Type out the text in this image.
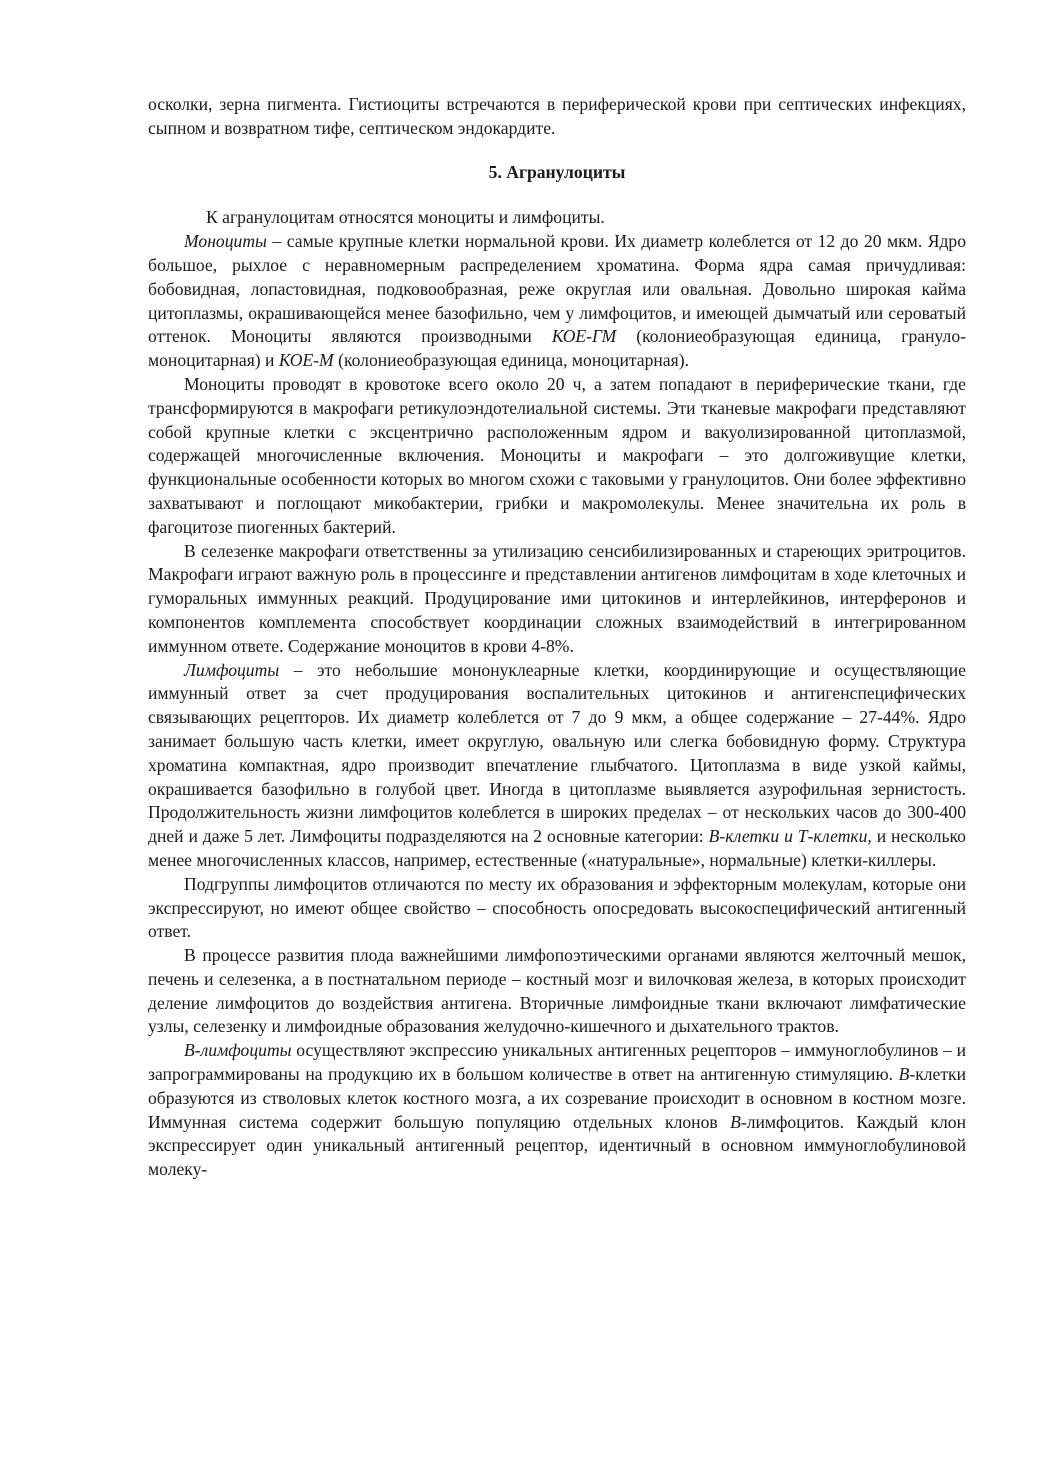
осколки, зерна пигмента. Гистиоциты встречаются в периферической крови при септических инфекциях, сыпном и возвратном тифе, септическом эндокардите.

5. Агранулоциты

К агранулоцитам относятся моноциты и лимфоциты.

Моноциты – самые крупные клетки нормальной крови. Их диаметр колеблется от 12 до 20 мкм. Ядро большое, рыхлое с неравномерным распределением хроматина. Форма ядра самая причудливая: бобовидная, лопастовидная, подковообразная, реже округлая или овальная. Довольно широкая кайма цитоплазмы, окрашивающейся менее базофильно, чем у лимфоцитов, и имеющей дымчатый или сероватый оттенок. Моноциты являются производными КОЕ-ГМ (колониеобразующая единица, грануло-моноцитарная) и КОЕ-М (колониеобразующая единица, моноцитарная).

Моноциты проводят в кровотоке всего около 20 ч, а затем попадают в периферические ткани, где трансформируются в макрофаги ретикулоэндотелиальной системы. Эти тканевые макрофаги представляют собой крупные клетки с эксцентрично расположенным ядром и вакуолизированной цитоплазмой, содержащей многочисленные включения. Моноциты и макрофаги – это долгоживущие клетки, функциональные особенности которых во многом схожи с таковыми у гранулоцитов. Они более эффективно захватывают и поглощают микобактерии, грибки и макромолекулы. Менее значительна их роль в фагоцитозе пиогенных бактерий.

В селезенке макрофаги ответственны за утилизацию сенсибилизированных и стареющих эритроцитов. Макрофаги играют важную роль в процессинге и представлении антигенов лимфоцитам в ходе клеточных и гуморальных иммунных реакций. Продуцирование ими цитокинов и интерлейкинов, интерферонов и компонентов комплемента способствует координации сложных взаимодействий в интегрированном иммунном ответе. Содержание моноцитов в крови 4-8%.

Лимфоциты – это небольшие мононуклеарные клетки, координирующие и осуществляющие иммунный ответ за счет продуцирования воспалительных цитокинов и антигенспецифических связывающих рецепторов. Их диаметр колеблется от 7 до 9 мкм, а общее содержание – 27-44%. Ядро занимает большую часть клетки, имеет округлую, овальную или слегка бобовидную форму. Структура хроматина компактная, ядро производит впечатление глыбчатого. Цитоплазма в виде узкой каймы, окрашивается базофильно в голубой цвет. Иногда в цитоплазме выявляется азурофильная зернистость. Продолжительность жизни лимфоцитов колеблется в широких пределах – от нескольких часов до 300-400 дней и даже 5 лет. Лимфоциты подразделяются на 2 основные категории: В-клетки и Т-клетки, и несколько менее многочисленных классов, например, естественные («натуральные», нормальные) клетки-киллеры.

Подгруппы лимфоцитов отличаются по месту их образования и эффекторным молекулам, которые они экспрессируют, но имеют общее свойство – способность опосредовать высокоспецифический антигенный ответ.

В процессе развития плода важнейшими лимфопоэтическими органами являются желточный мешок, печень и селезенка, а в постнатальном периоде – костный мозг и вилочковая железа, в которых происходит деление лимфоцитов до воздействия антигена. Вторичные лимфоидные ткани включают лимфатические узлы, селезенку и лимфоидные образования желудочно-кишечного и дыхательного трактов.

В-лимфоциты осуществляют экспрессию уникальных антигенных рецепторов – иммуноглобулинов – и запрограммированы на продукцию их в большом количестве в ответ на антигенную стимуляцию. В-клетки образуются из стволовых клеток костного мозга, а их созревание происходит в основном в костном мозге. Иммунная система содержит большую популяцию отдельных клонов В-лимфоцитов. Каждый клон экспрессирует один уникальный антигенный рецептор, идентичный в основном иммуноглобулиновой молеку-
